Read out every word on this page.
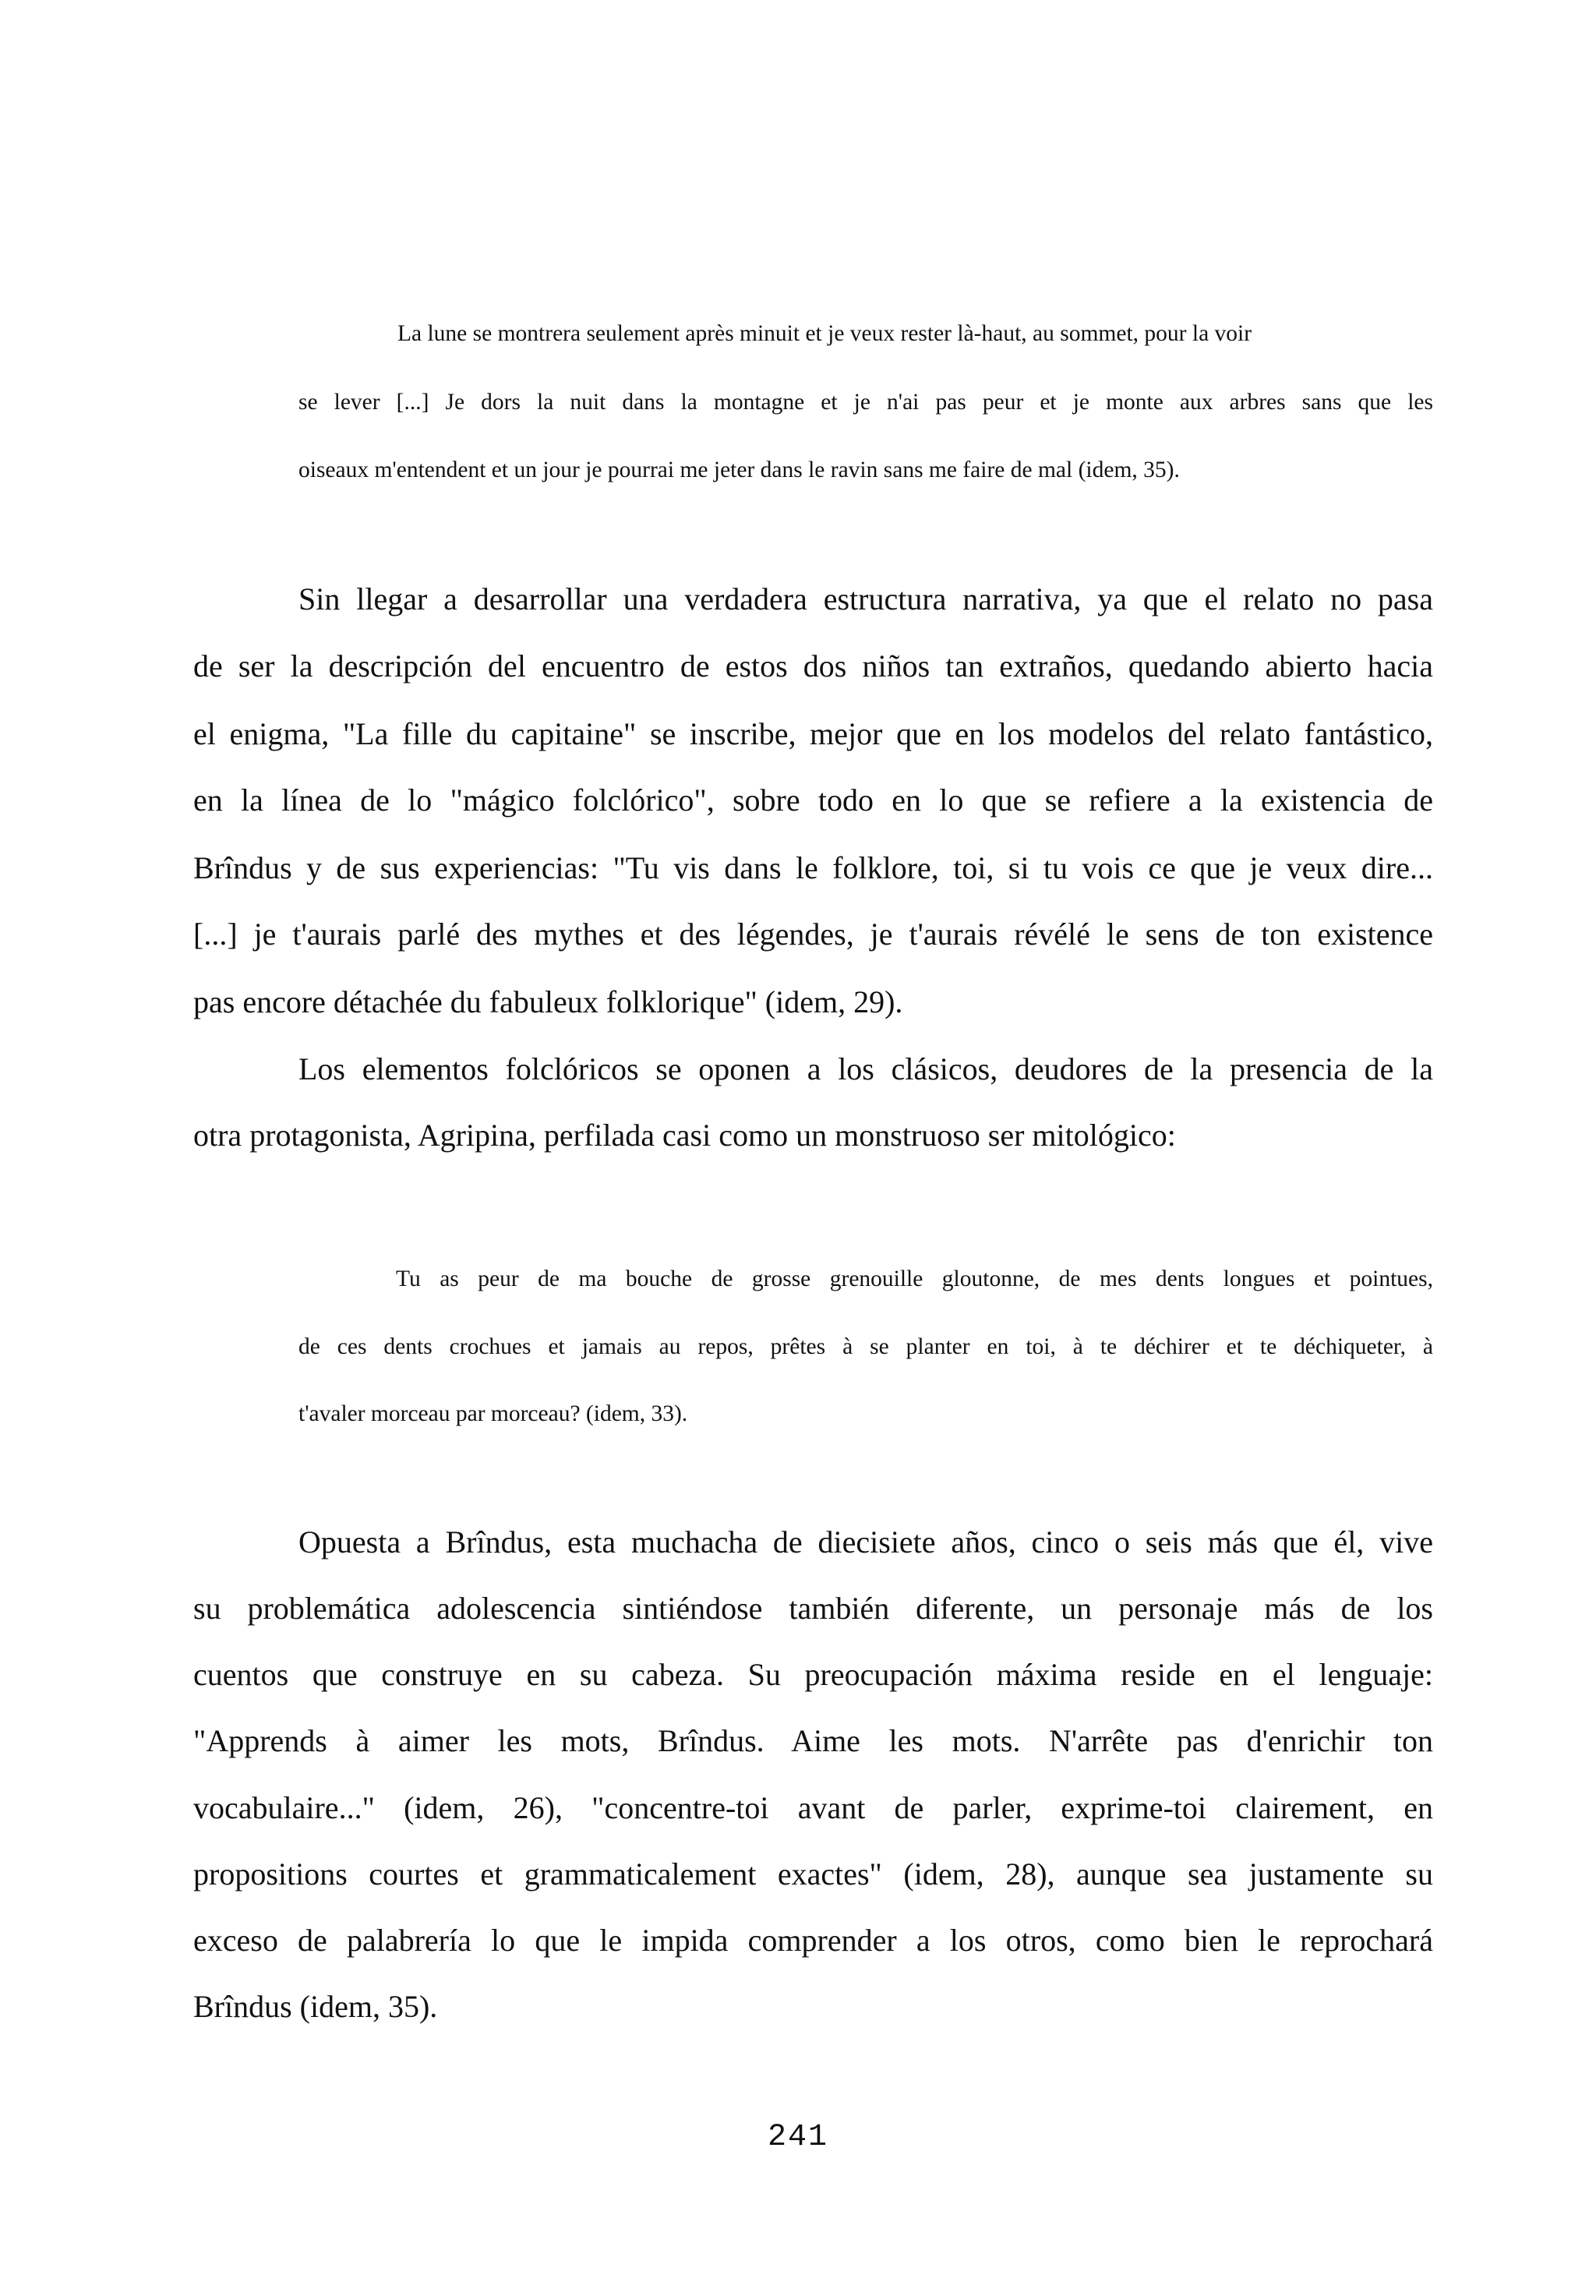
La lune se montrera seulement après minuit et je veux rester là-haut, au sommet, pour la voir

se lever [...] Je dors la nuit dans la montagne et je n'ai pas peur et je monte aux arbres sans que les

oiseaux m'entendent et un jour je pourrai me jeter dans le ravin sans me faire de mal (idem, 35).

Sin llegar a desarrollar una verdadera estructura narrativa, ya que el relato no pasa

de ser la descripción del encuentro de estos dos niños tan extraños, quedando abierto hacia

el enigma, "La fille du capitaine" se inscribe, mejor que en los modelos del relato fantástico,

en la línea de lo "mágico folclórico", sobre todo en lo que se refiere a la existencia de

Brîndus y de sus experiencias: "Tu vis dans le folklore, toi, si tu vois ce que je veux dire...

[...] je t'aurais parlé des mythes et des légendes, je t'aurais révélé le sens de ton existence

pas encore détachée du fabuleux folklorique" (idem, 29).

Los elementos folclóricos se oponen a los clásicos, deudores de la presencia de la

otra protagonista, Agripina, perfilada casi como un monstruoso ser mitológico:

Tu as peur de ma bouche de grosse grenouille gloutonne, de mes dents longues et pointues,

de ces dents crochues et jamais au repos, prêtes à se planter en toi, à te déchirer et te déchiqueter, à

t'avaler morceau par morceau? (idem, 33).

Opuesta a Brîndus, esta muchacha de diecisiete años, cinco o seis más que él, vive

su problemática adolescencia sintiéndose también diferente, un personaje más de los

cuentos que construye en su cabeza. Su preocupación máxima reside en el lenguaje:

"Apprends à aimer les mots, Brîndus. Aime les mots. N'arrête pas d'enrichir ton

vocabulaire..." (idem, 26), "concentre-toi avant de parler, exprime-toi clairement, en

propositions courtes et grammaticalement exactes" (idem, 28), aunque sea justamente su

exceso de palabrería lo que le impida comprender a los otros, como bien le reprochará

Brîndus (idem, 35).

241
